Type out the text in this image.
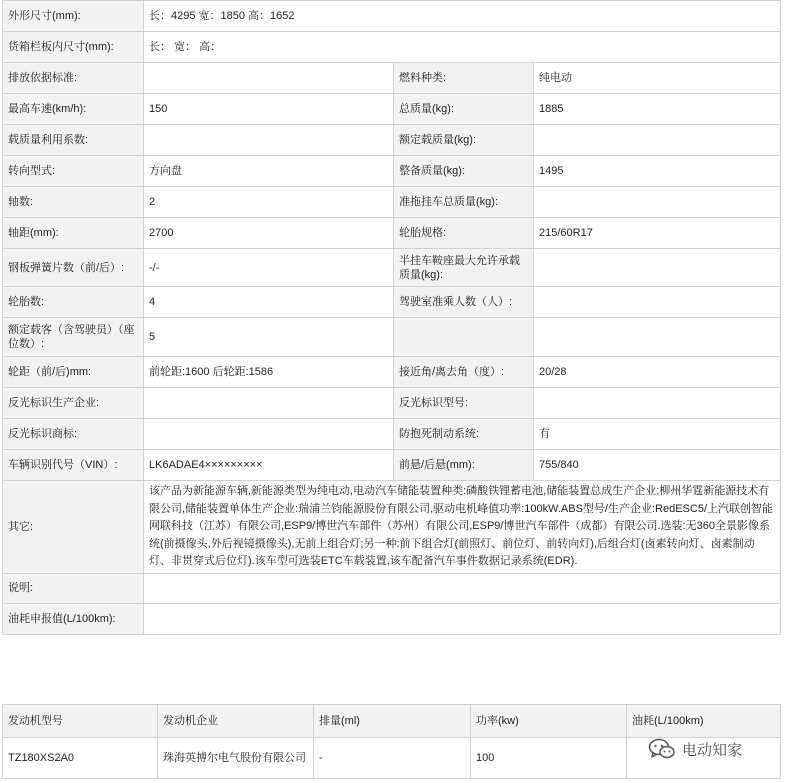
外形尺寸(mm):	长：4295 宽：1850 高：1652		
货箱栏板内尺寸(mm):	长： 宽： 高：		
排放依据标准:		燃料种类:	纯电动
最高车速(km/h):	150	总质量(kg):	1885
载质量利用系数:		额定载质量(kg):	
转向型式:	方向盘	整备质量(kg):	1495
轴数:	2	准拖挂车总质量(kg):	
轴距(mm):	2700	轮胎规格:	215/60R17
钢板弹簧片数（前/后）:	-/-	半挂车鞍座最大允许承载质量(kg):	
轮胎数:	4	驾驶室准乘人数（人）:	
额定载客（含驾驶员）（座位数）:	5		
轮距（前/后)mm:	前轮距:1600 后轮距:1586	接近角/离去角（度）:	20/28
反光标识生产企业:		反光标识型号:	
反光标识商标:		防抱死制动系统:	有
车辆识别代号（VIN）:	LK6ADAE4×××××××××	前悬/后悬(mm):	755/840
其它:	该产品为新能源车辆,新能源类型为纯电动,电动汽车储能装置种类:磷酸铁锂蓄电池,储能装置总成生产企业:柳州华霆新能源技术有限公司,储能装置单体生产企业:瑞浦兰钧能源股份有限公司,驱动电机峰值功率:100kW.ABS型号/生产企业:RedESC5/上汽联创智能网联科技（江苏）有限公司,ESP9/博世汽车部件（苏州）有限公司,ESP9/博世汽车部件（成都）有限公司.选装:无360全景影像系统(前摄像头,外后视镜摄像头),无前上组合灯;另一种:前下组合灯(前照灯、前位灯、前转向灯),后组合灯(卤素转向灯、卤素制动灯、非贯穿式后位灯).该车型可选装ETC车载装置,该车配备汽车事件数据记录系统(EDR).		
说明:			
油耗申报值(L/100km):			
发动机型号	发动机企业	排量(ml)	功率(kw)	油耗(L/100km)
TZ180XS2A0	珠海英搏尔电气股份有限公司	-	100		电动知家
